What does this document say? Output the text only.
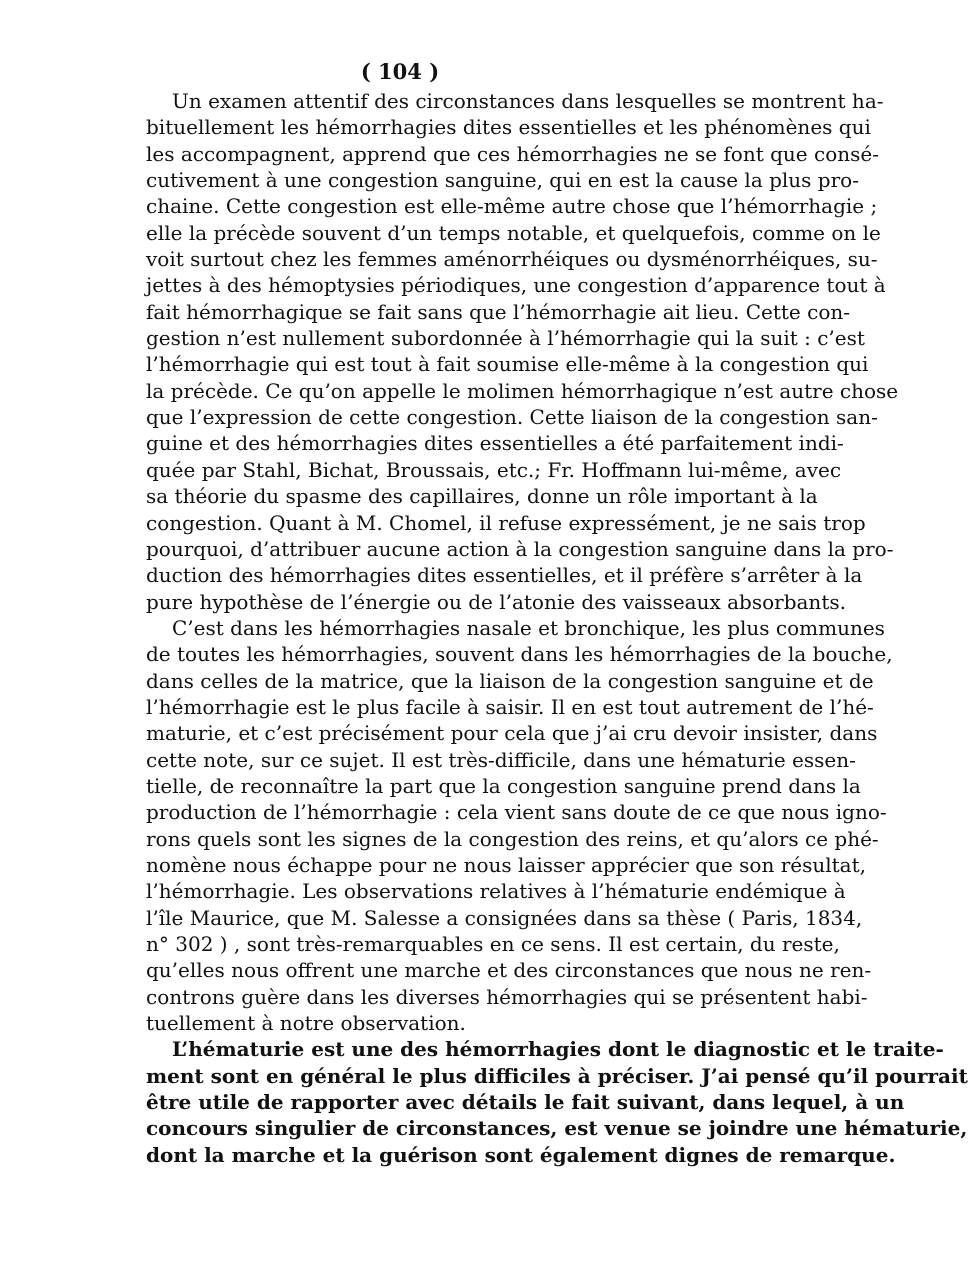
( 104 )
Un examen attentif des circonstances dans lesquelles se montrent ha-
bituellement les hémorrhagies dites essentielles et les phénomènes qui
les accompagnent, apprend que ces hémorrhagies ne se font que consé-
cutivement à une congestion sanguine, qui en est la cause la plus pro-
chaine. Cette congestion est elle-même autre chose que l’hémorrhagie ;
elle la précède souvent d’un temps notable, et quelquefois, comme on le
voit surtout chez les femmes aménorrhéiques ou dysménorrhéiques, su-
jettes à des hémoptysies périodiques, une congestion d’apparence tout à
fait hémorrhagique se fait sans que l’hémorrhagie ait lieu. Cette con-
gestion n’est nullement subordonnée à l’hémorrhagie qui la suit : c’est
l’hémorrhagie qui est tout à fait soumise elle-même à la congestion qui
la précède. Ce qu’on appelle le molimen hémorrhagique n’est autre chose
que l’expression de cette congestion. Cette liaison de la congestion san-
guine et des hémorrhagies dites essentielles a été parfaitement indi-
quée par Stahl, Bichat, Broussais, etc.; Fr. Hoffmann lui-même, avec
sa théorie du spasme des capillaires, donne un rôle important à la
congestion. Quant à M. Chomel, il refuse expressément, je ne sais trop
pourquoi, d’attribuer aucune action à la congestion sanguine dans la pro-
duction des hémorrhagies dites essentielles, et il préfère s’arrêter à la
pure hypothèse de l’énergie ou de l’atonie des vaisseaux absorbants.
C’est dans les hémorrhagies nasale et bronchique, les plus communes
de toutes les hémorrhagies, souvent dans les hémorrhagies de la bouche,
dans celles de la matrice, que la liaison de la congestion sanguine et de
l’hémorrhagie est le plus facile à saisir. Il en est tout autrement de l’hé-
maturie, et c’est précisément pour cela que j’ai cru devoir insister, dans
cette note, sur ce sujet. Il est très-difficile, dans une hématurie essen-
tielle, de reconnaître la part que la congestion sanguine prend dans la
production de l’hémorrhagie : cela vient sans doute de ce que nous igno-
rons quels sont les signes de la congestion des reins, et qu’alors ce phé-
nomène nous échappe pour ne nous laisser apprécier que son résultat,
l’hémorrhagie. Les observations relatives à l’hématurie endémique à
l’île Maurice, que M. Salesse a consignées dans sa thèse ( Paris, 1834,
n° 302 ) , sont très-remarquables en ce sens. Il est certain, du reste,
qu’elles nous offrent une marche et des circonstances que nous ne ren-
controns guère dans les diverses hémorrhagies qui se présentent habi-
tuellement à notre observation.
L’hématurie est une des hémorrhagies dont le diagnostic et le traite-
ment sont en général le plus difficiles à préciser. J’ai pensé qu’il pourrait
être utile de rapporter avec détails le fait suivant, dans lequel, à un
concours singulier de circonstances, est venue se joindre une hématurie,
dont la marche et la guérison sont également dignes de remarque.
